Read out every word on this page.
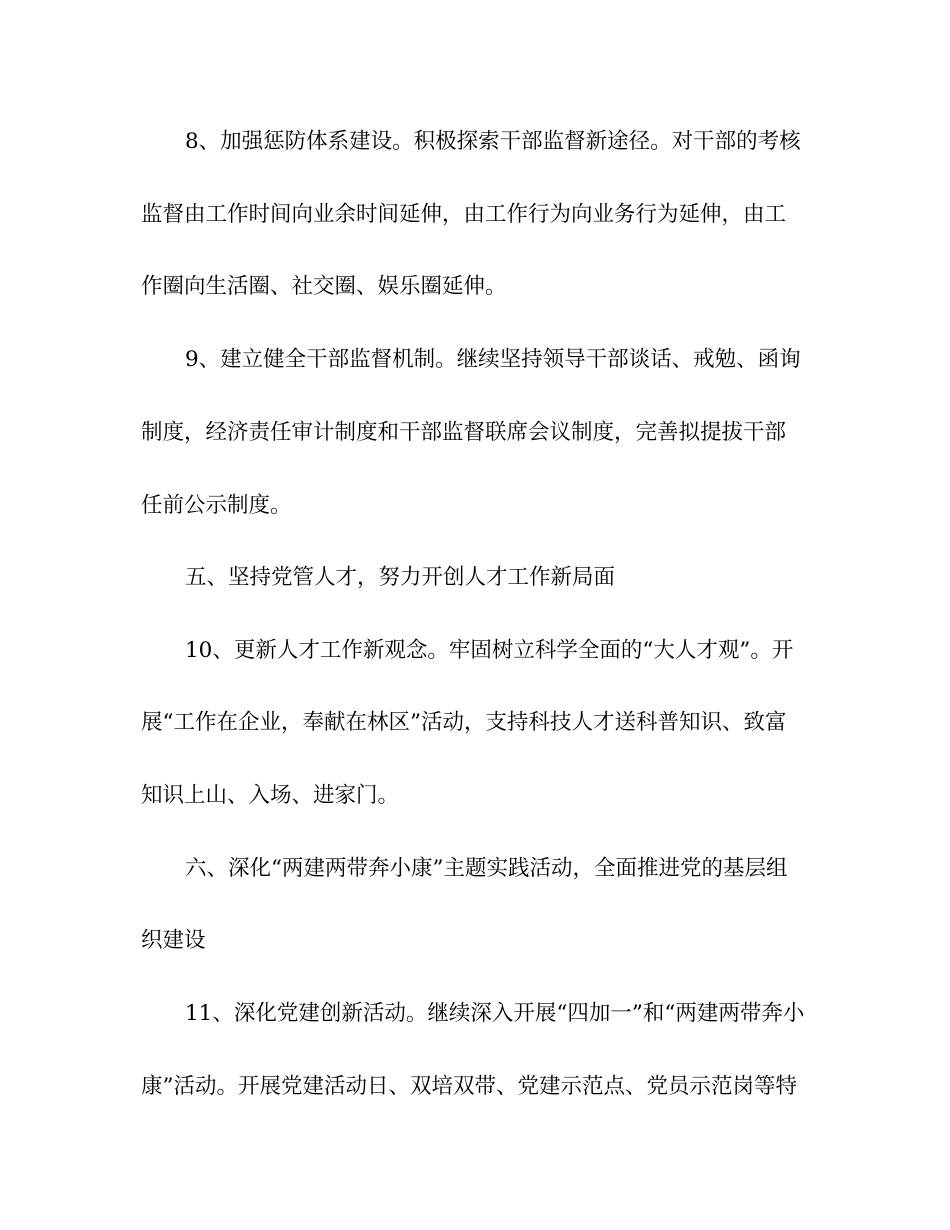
8、加强惩防体系建设。积极探索干部监督新途径。对干部的考核
监督由工作时间向业余时间延伸，由工作行为向业务行为延伸，由工
作圈向生活圈、社交圈、娱乐圈延伸。
9、建立健全干部监督机制。继续坚持领导干部谈话、戒勉、函询
制度，经济责任审计制度和干部监督联席会议制度，完善拟提拔干部
任前公示制度。
五、坚持党管人才，努力开创人才工作新局面
10、更新人才工作新观念。牢固树立科学全面的“大人才观”。开
展“工作在企业，奉献在林区”活动，支持科技人才送科普知识、致富
知识上山、入场、进家门。
六、深化“两建两带奔小康”主题实践活动，全面推进党的基层组
织建设
11、深化党建创新活动。继续深入开展“四加一”和“两建两带奔小
康”活动。开展党建活动日、双培双带、党建示范点、党员示范岗等特
